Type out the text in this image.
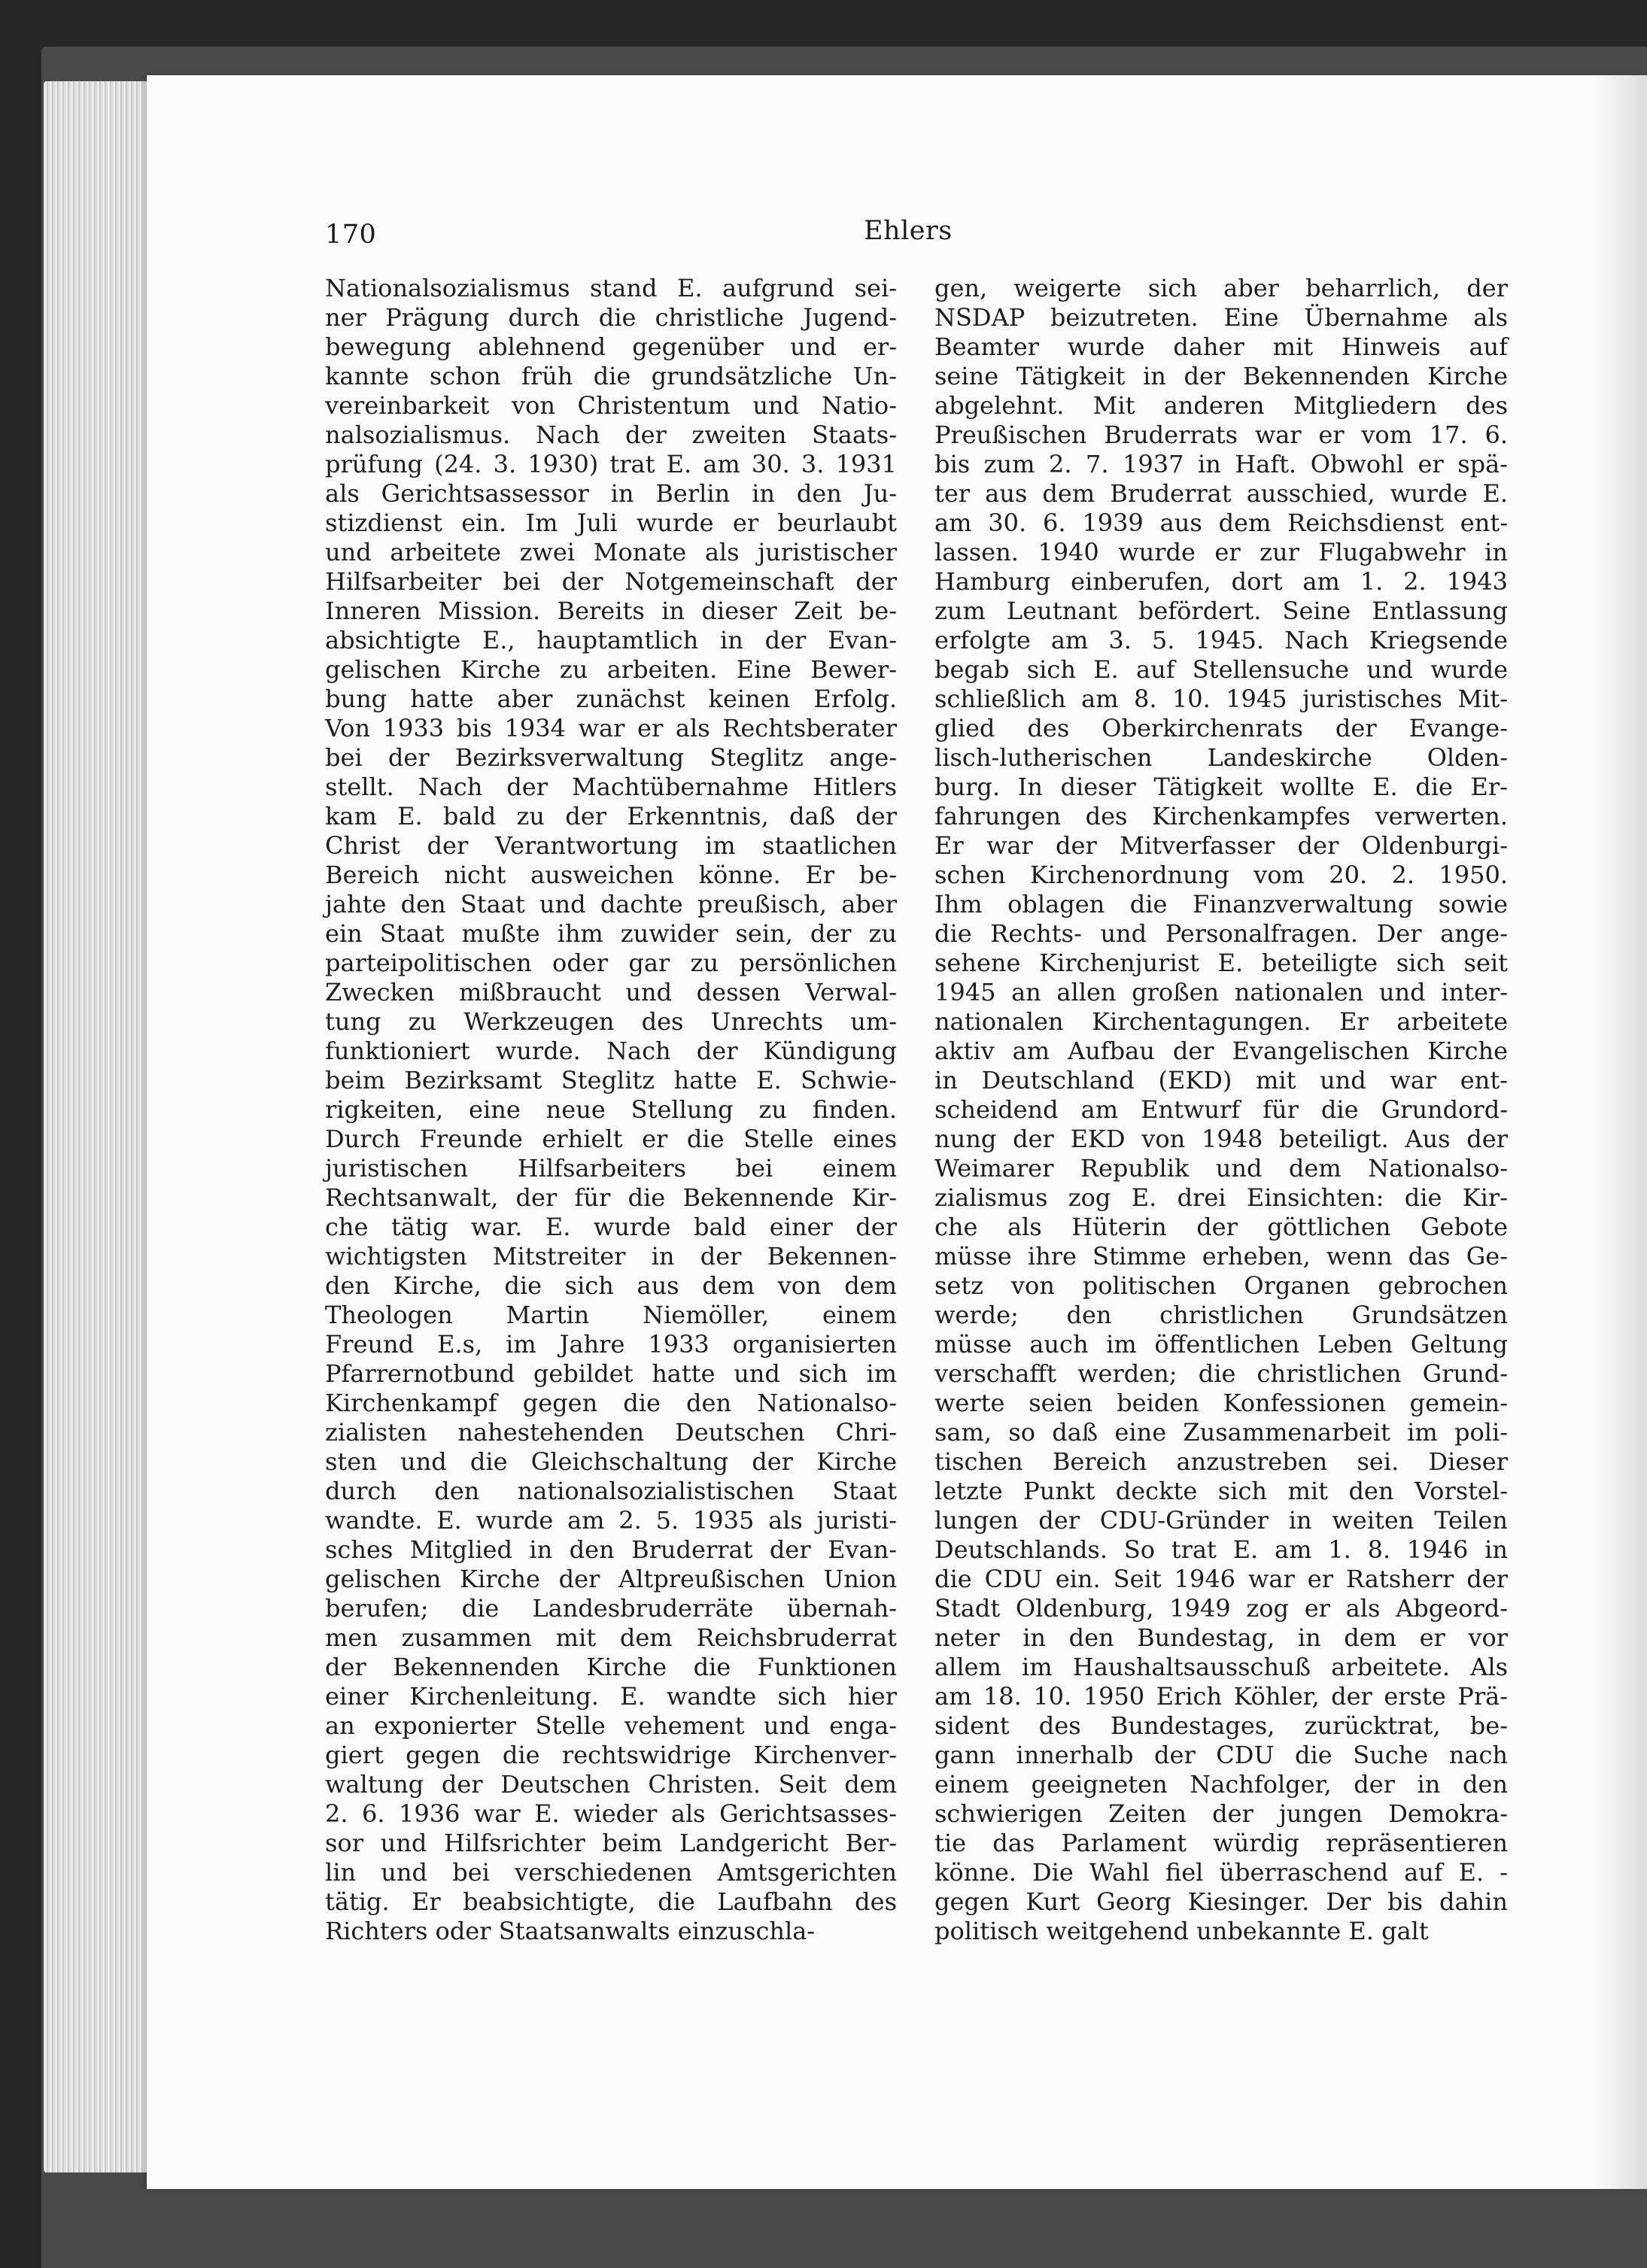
170	Ehlers
Nationalsozialismus stand E. aufgrund sei-
ner Prägung durch die christliche Jugend-
bewegung ablehnend gegenüber und er-
kannte schon früh die grundsätzliche Un-
vereinbarkeit von Christentum und Natio-
nalsozialismus. Nach der zweiten Staats-
prüfung (24. 3. 1930) trat E. am 30. 3. 1931
als Gerichtsassessor in Berlin in den Ju-
stizdienst ein. Im Juli wurde er beurlaubt
und arbeitete zwei Monate als juristischer
Hilfsarbeiter bei der Notgemeinschaft der
Inneren Mission. Bereits in dieser Zeit be-
absichtigte E., hauptamtlich in der Evan-
gelischen Kirche zu arbeiten. Eine Bewer-
bung hatte aber zunächst keinen Erfolg.
Von 1933 bis 1934 war er als Rechtsberater
bei der Bezirksverwaltung Steglitz ange-
stellt. Nach der Machtübernahme Hitlers
kam E. bald zu der Erkenntnis, daß der
Christ der Verantwortung im staatlichen
Bereich nicht ausweichen könne. Er be-
jahte den Staat und dachte preußisch, aber
ein Staat mußte ihm zuwider sein, der zu
parteipolitischen oder gar zu persönlichen
Zwecken mißbraucht und dessen Verwal-
tung zu Werkzeugen des Unrechts um-
funktioniert wurde. Nach der Kündigung
beim Bezirksamt Steglitz hatte E. Schwie-
rigkeiten, eine neue Stellung zu finden.
Durch Freunde erhielt er die Stelle eines
juristischen Hilfsarbeiters bei einem
Rechtsanwalt, der für die Bekennende Kir-
che tätig war. E. wurde bald einer der
wichtigsten Mitstreiter in der Bekennen-
den Kirche, die sich aus dem von dem
Theologen Martin Niemöller, einem
Freund E.s, im Jahre 1933 organisierten
Pfarrernotbund gebildet hatte und sich im
Kirchenkampf gegen die den Nationalso-
zialisten nahestehenden Deutschen Chri-
sten und die Gleichschaltung der Kirche
durch den nationalsozialistischen Staat
wandte. E. wurde am 2. 5. 1935 als juristi-
sches Mitglied in den Bruderrat der Evan-
gelischen Kirche der Altpreußischen Union
berufen; die Landesbruderräte übernah-
men zusammen mit dem Reichsbruderrat
der Bekennenden Kirche die Funktionen
einer Kirchenleitung. E. wandte sich hier
an exponierter Stelle vehement und enga-
giert gegen die rechtswidrige Kirchenver-
waltung der Deutschen Christen. Seit dem
2. 6. 1936 war E. wieder als Gerichtsasses-
sor und Hilfsrichter beim Landgericht Ber-
lin und bei verschiedenen Amtsgerichten
tätig. Er beabsichtigte, die Laufbahn des
Richters oder Staatsanwalts einzuschla-
gen, weigerte sich aber beharrlich, der
NSDAP beizutreten. Eine Übernahme als
Beamter wurde daher mit Hinweis auf
seine Tätigkeit in der Bekennenden Kirche
abgelehnt. Mit anderen Mitgliedern des
Preußischen Bruderrats war er vom 17. 6.
bis zum 2. 7. 1937 in Haft. Obwohl er spä-
ter aus dem Bruderrat ausschied, wurde E.
am 30. 6. 1939 aus dem Reichsdienst ent-
lassen. 1940 wurde er zur Flugabwehr in
Hamburg einberufen, dort am 1. 2. 1943
zum Leutnant befördert. Seine Entlassung
erfolgte am 3. 5. 1945. Nach Kriegsende
begab sich E. auf Stellensuche und wurde
schließlich am 8. 10. 1945 juristisches Mit-
glied des Oberkirchenrats der Evange-
lisch-lutherischen Landeskirche Olden-
burg. In dieser Tätigkeit wollte E. die Er-
fahrungen des Kirchenkampfes verwerten.
Er war der Mitverfasser der Oldenburgi-
schen Kirchenordnung vom 20. 2. 1950.
Ihm oblagen die Finanzverwaltung sowie
die Rechts- und Personalfragen. Der ange-
sehene Kirchenjurist E. beteiligte sich seit
1945 an allen großen nationalen und inter-
nationalen Kirchentagungen. Er arbeitete
aktiv am Aufbau der Evangelischen Kirche
in Deutschland (EKD) mit und war ent-
scheidend am Entwurf für die Grundord-
nung der EKD von 1948 beteiligt. Aus der
Weimarer Republik und dem Nationalso-
zialismus zog E. drei Einsichten: die Kir-
che als Hüterin der göttlichen Gebote
müsse ihre Stimme erheben, wenn das Ge-
setz von politischen Organen gebrochen
werde; den christlichen Grundsätzen
müsse auch im öffentlichen Leben Geltung
verschafft werden; die christlichen Grund-
werte seien beiden Konfessionen gemein-
sam, so daß eine Zusammenarbeit im poli-
tischen Bereich anzustreben sei. Dieser
letzte Punkt deckte sich mit den Vorstel-
lungen der CDU-Gründer in weiten Teilen
Deutschlands. So trat E. am 1. 8. 1946 in
die CDU ein. Seit 1946 war er Ratsherr der
Stadt Oldenburg, 1949 zog er als Abgeord-
neter in den Bundestag, in dem er vor
allem im Haushaltsausschuß arbeitete. Als
am 18. 10. 1950 Erich Köhler, der erste Prä-
sident des Bundestages, zurücktrat, be-
gann innerhalb der CDU die Suche nach
einem geeigneten Nachfolger, der in den
schwierigen Zeiten der jungen Demokra-
tie das Parlament würdig repräsentieren
könne. Die Wahl fiel überraschend auf E. -
gegen Kurt Georg Kiesinger. Der bis dahin
politisch weitgehend unbekannte E. galt
